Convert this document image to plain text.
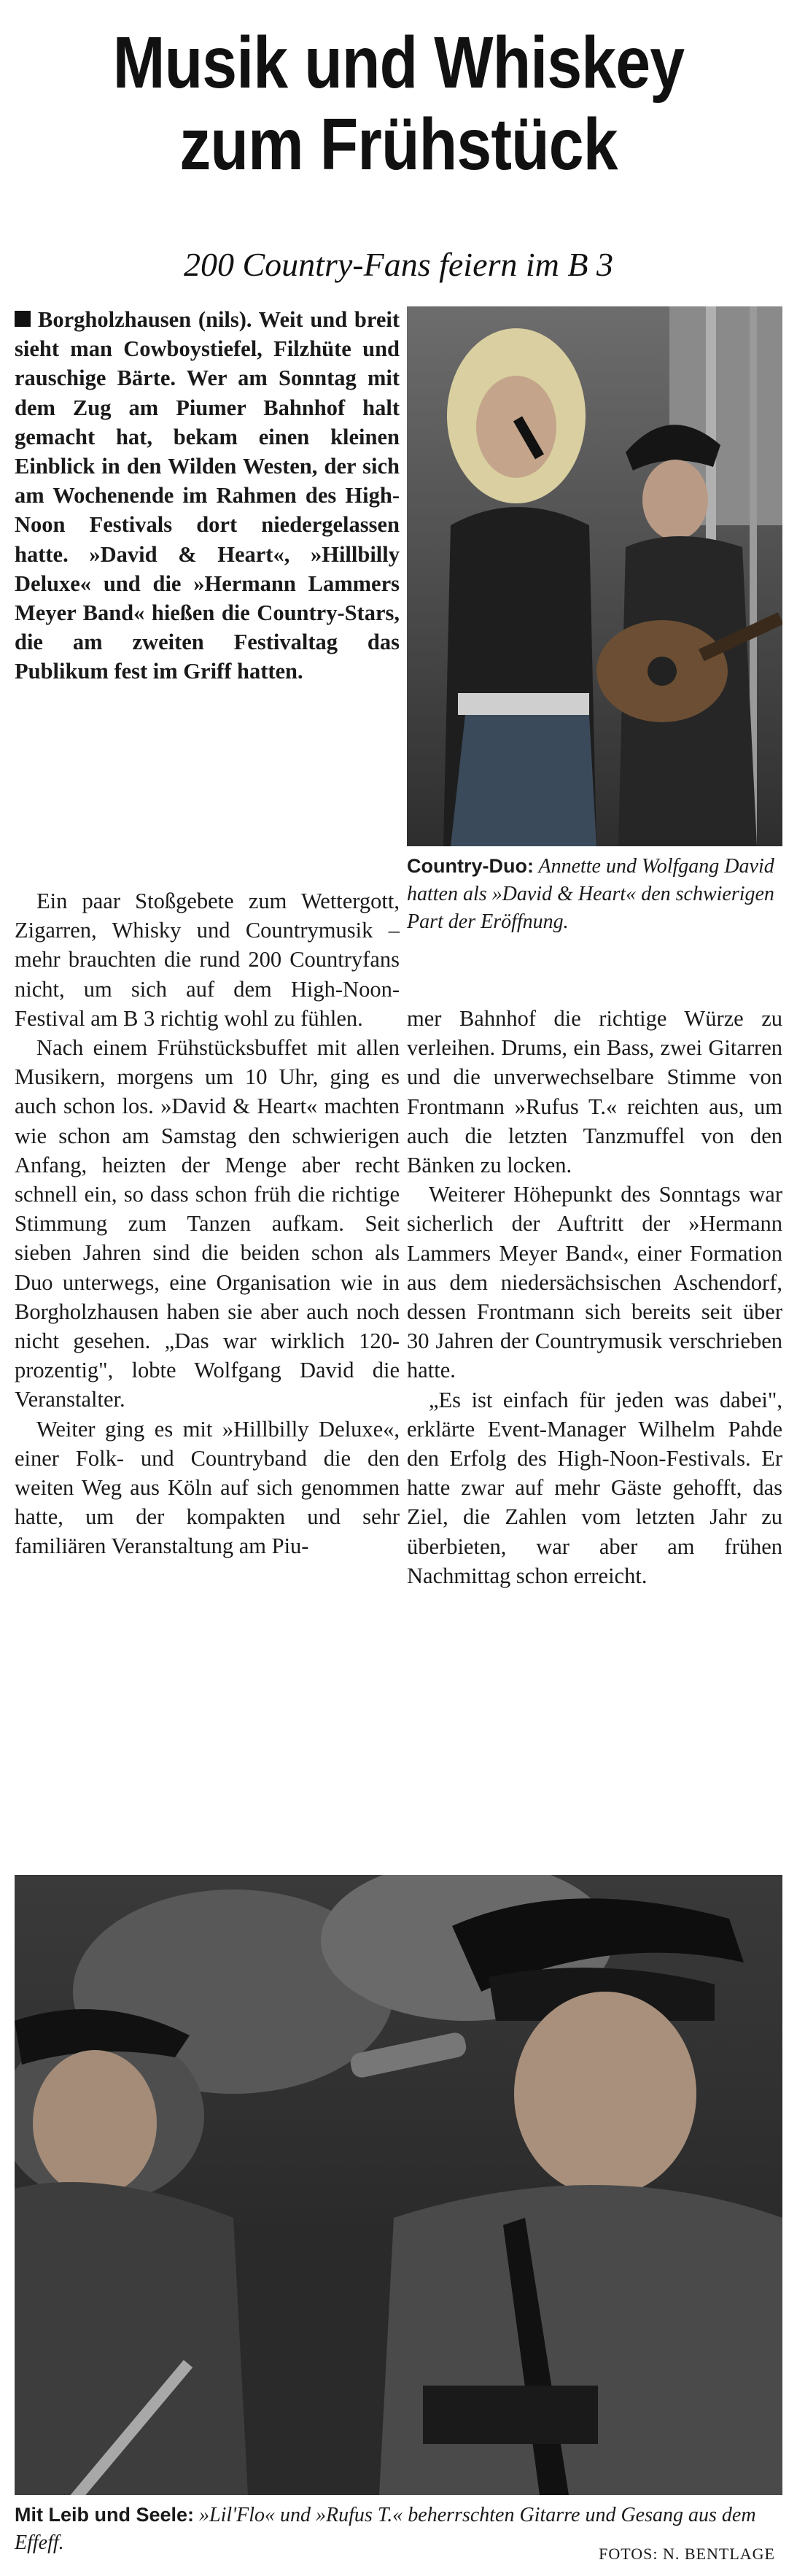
Musik und Whiskey
zum Frühstück
200 Country-Fans feiern im B 3

Borgholzhausen (nils). Weit und breit sieht man Cowboystiefel, Filzhüte und rauschige Bärte. Wer am Sonntag mit dem Zug am Piumer Bahnhof halt gemacht hat, bekam einen kleinen Einblick in den Wilden Westen, der sich am Wochenende im Rahmen des High-Noon Festivals dort niedergelassen hatte. »David & Heart«, »Hillbilly Deluxe« und die »Hermann Lammers Meyer Band« hießen die Country-Stars, die am zweiten Festivaltag das Publikum fest im Griff hatten.

Country-Duo: Annette und Wolfgang David hatten als »David & Heart« den schwierigen Part der Eröffnung.

Ein paar Stoßgebete zum Wettergott, Zigarren, Whisky und Countrymusik – mehr brauchten die rund 200 Countryfans nicht, um sich auf dem High-Noon-Festival am B 3 richtig wohl zu fühlen.

Nach einem Frühstücksbuffet mit allen Musikern, morgens um 10 Uhr, ging es auch schon los. »David & Heart« machten wie schon am Samstag den schwierigen Anfang, heizten der Menge aber recht schnell ein, so dass schon früh die richtige Stimmung zum Tanzen aufkam. Seit sieben Jahren sind die beiden schon als Duo unterwegs, eine Organisation wie in Borgholzhausen haben sie aber auch noch nicht gesehen. „Das war wirklich 120-prozentig", lobte Wolfgang David die Veranstalter.

Weiter ging es mit »Hillbilly Deluxe«, einer Folk- und Countryband die den weiten Weg aus Köln auf sich genommen hatte, um der kompakten und sehr familiären Veranstaltung am Piu-

mer Bahnhof die richtige Würze zu verleihen. Drums, ein Bass, zwei Gitarren und die unverwechselbare Stimme von Frontmann »Rufus T.« reichten aus, um auch die letzten Tanzmuffel von den Bänken zu locken.

Weiterer Höhepunkt des Sonntags war sicherlich der Auftritt der »Hermann Lammers Meyer Band«, einer Formation aus dem niedersächsischen Aschendorf, dessen Frontmann sich bereits seit über 30 Jahren der Countrymusik verschrieben hatte.

„Es ist einfach für jeden was dabei", erklärte Event-Manager Wilhelm Pahde den Erfolg des High-Noon-Festivals. Er hatte zwar auf mehr Gäste gehofft, das Ziel, die Zahlen vom letzten Jahr zu überbieten, war aber am frühen Nachmittag schon erreicht.

Mit Leib und Seele: »Lil'Flo« und »Rufus T.« beherrschten Gitarre und Gesang aus dem Effeff.	FOTOS: N. BENTLAGE
